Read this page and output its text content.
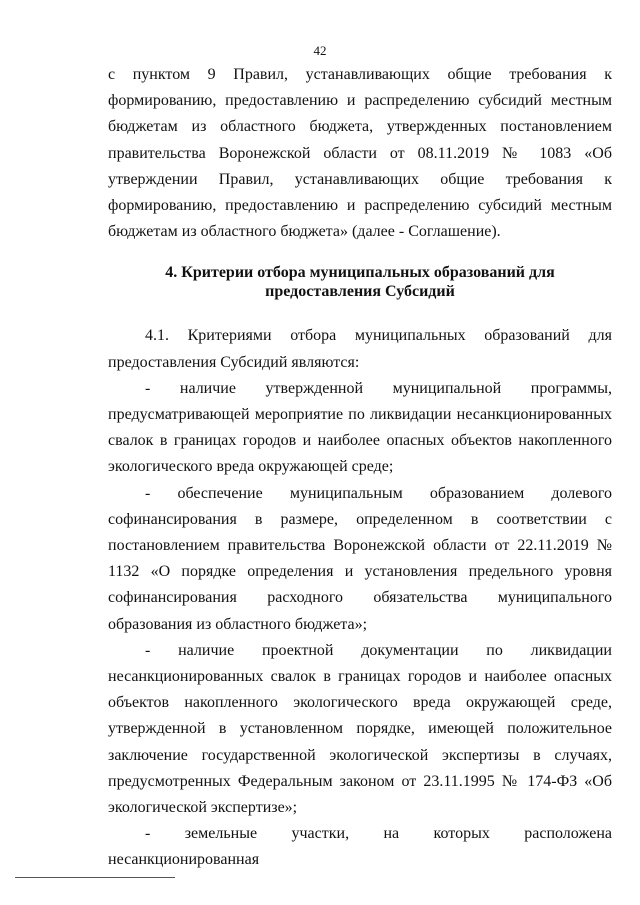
42

с пунктом 9 Правил, устанавливающих общие требования к формированию, предоставлению и распределению субсидий местным бюджетам из областного бюджета, утвержденных постановлением правительства Воронежской области от 08.11.2019 № 1083 «Об утверждении Правил, устанавливающих общие требования к формированию, предоставлению и распределению субсидий местным бюджетам из областного бюджета» (далее - Соглашение).

4. Критерии отбора муниципальных образований для предоставления Субсидий

4.1. Критериями отбора муниципальных образований для предоставления Субсидий являются:

- наличие утвержденной муниципальной программы, предусматривающей мероприятие по ликвидации несанкционированных свалок в границах городов и наиболее опасных объектов накопленного экологического вреда окружающей среде;

- обеспечение муниципальным образованием долевого софинансирования в размере, определенном в соответствии с постановлением правительства Воронежской области от 22.11.2019 № 1132 «О порядке определения и установления предельного уровня софинансирования расходного обязательства муниципального образования из областного бюджета»;

- наличие проектной документации по ликвидации несанкционированных свалок в границах городов и наиболее опасных объектов накопленного экологического вреда окружающей среде, утвержденной в установленном порядке, имеющей положительное заключение государственной экологической экспертизы в случаях, предусмотренных Федеральным законом от 23.11.1995 № 174-ФЗ «Об экологической экспертизе»;

- земельные участки, на которых расположена несанкционированная
